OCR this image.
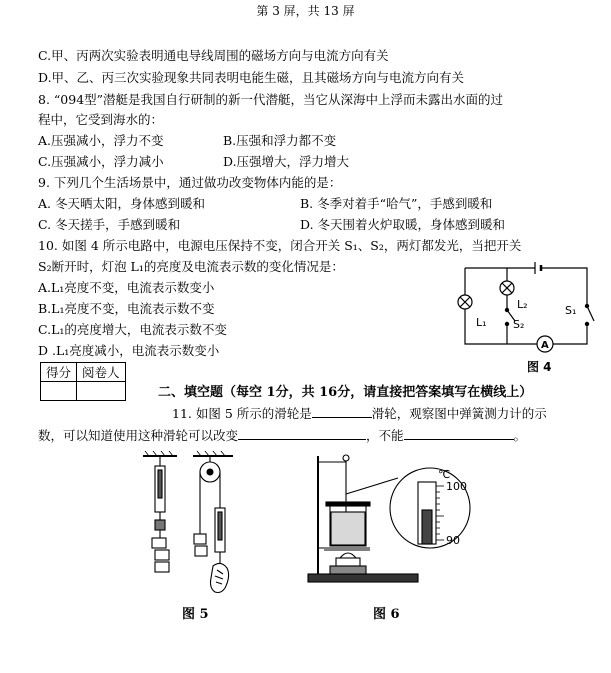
第 3 屏，共 13 屏
C.甲、丙两次实验表明通电导线周围的磁场方向与电流方向有关
D.甲、乙、丙三次实验现象共同表明电能生磁，且其磁场方向与电流方向有关
8. “094型”潜艇是我国自行研制的新一代潜艇，当它从深海中上浮而未露出水面的过
程中，它受到海水的：
A.压强减小，浮力不变	B.压强和浮力都不变
C.压强减小，浮力减小	D.压强增大，浮力增大
9. 下列几个生活场景中，通过做功改变物体内能的是：
A. 冬天晒太阳，身体感到暖和	B. 冬季对着手“哈气”，手感到暖和
C. 冬天搓手，手感到暖和	D. 冬天围着火炉取暖，身体感到暖和
10. 如图 4 所示电路中，电源电压保持不变，闭合开关 S₁、S₂，两灯都发光，当把开关
S₂断开时，灯泡 L₁的亮度及电流表示数的变化情况是：
A.L₁亮度不变，电流表示数变小
B.L₁亮度不变，电流表示数不变
C.L₁的亮度增大，电流表示数不变
D .L₁亮度减小，电流表示数变小
L₁
L₂	S₁
S₂
A
图 4
得分	阅卷人

二、填空题（每空 1分，共 16分，请直接把答案填写在横线上）
11. 如图 5 所示的滑轮是	滑轮，观察图中弹簧测力计的示
数，可以知道使用这种滑轮可以改变	，不能	。
图 5
℃
100
90
图 6
